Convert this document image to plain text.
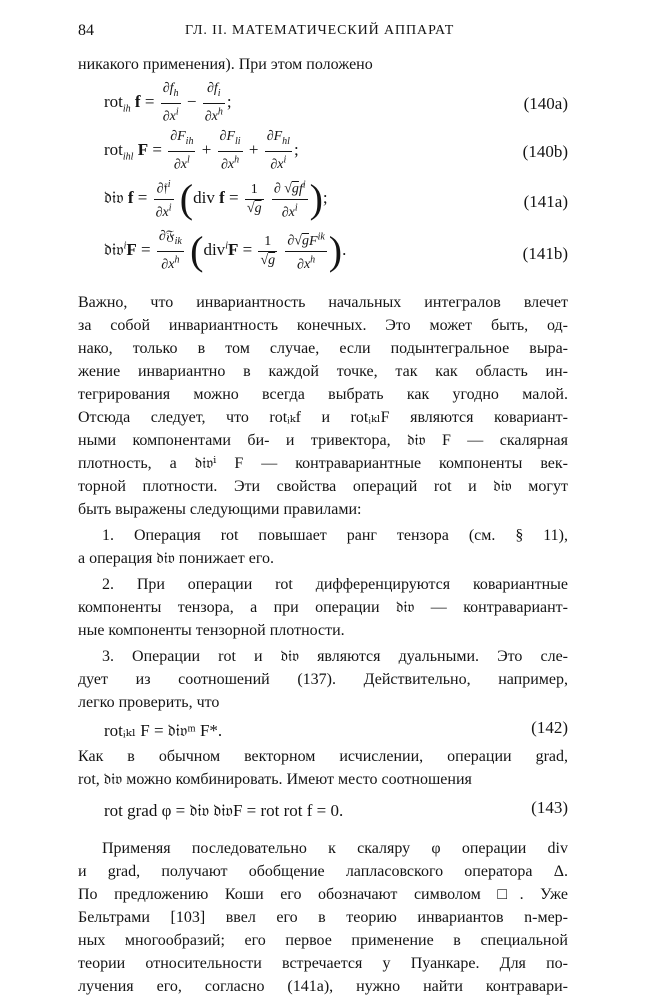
84	ГЛ. II. МАТЕМАТИЧЕСКИЙ АППАРАТ
никакого применения). При этом положено
rot$_{ih}$ $f = \frac{\partial f_h}{\partial x^i} - \frac{\partial f_i}{\partial x^h}$ ;	(140a)
rot$_{ihl}$ $F = \frac{\partial F_{ih}}{\partial x^l} + \frac{\partial F_{li}}{\partial x^h} + \frac{\partial F_{hl}}{\partial x^i}$ ;	(140b)
𝔡𝔦𝔳 $f = \frac{\partial 𝔣^i}{\partial x^i} (div$ $f = \frac{1}{√g}$
$\frac{\partial √gf^i}{\partial x^i}$ );	(141a)
𝔡𝔦𝔳$^i$F = $\frac{\partial 𝔉_{ik}}{\partial x^h} (div^iF = \frac{1}{√g}$
$\frac{\partial√gF^{ik}}{\partial x^h}$ ).	(141b)
Важно, что инвариантность начальных интегралов влечет
за собой инвариантность конечных. Это может быть, од-
нако, только в том случае, если подынтегральное выра-
жение инвариантно в каждой точке, так как область ин-
тегрирования можно всегда выбрать как угодно малой.
Отсюда следует, что rotᵢₖf и rotᵢₖₗF являются ковариант-
ными компонентами би- и тривектора, 𝔡𝔦𝔳 F — скалярная
плотность, а 𝔡𝔦𝔳ⁱ F — контравариантные компоненты век-
торной плотности. Эти свойства операций rot и 𝔡𝔦𝔳 могут
быть выражены следующими правилами:
1. Операция rot повышает ранг тензора (см. § 11),
а операция 𝔡𝔦𝔳 понижает его.
2. При операции rot дифференцируются ковариантные
компоненты тензора, а при операции 𝔡𝔦𝔳 — контравариант-
ные компоненты тензорной плотности.
3. Операции rot и 𝔡𝔦𝔳 являются дуальными. Это сле-
дует из соотношений (137). Действительно, например,
легко проверить, что
rotᵢₖₗ F = 𝔡𝔦𝔳ᵐ F*.	(142)
Как в обычном векторном исчислении, операции grad,
rot, 𝔡𝔦𝔳 можно комбинировать. Имеют место соотношения
rot grad φ = 𝔡𝔦𝔳 𝔡𝔦𝔳F = rot rot f = 0.	(143)
Применяя последовательно к скаляру φ операции div
и grad, получают обобщение лапласовского оператора Δ.
По предложению Коши его обозначают символом □. Уже
Бельтрами [103] ввел его в теорию инвариантов n-мер-
ных многообразий; его первое применение в специальной
теории относительности встречается у Пуанкаре. Для по-
лучения его, согласно (141a), нужно найти контравари-
